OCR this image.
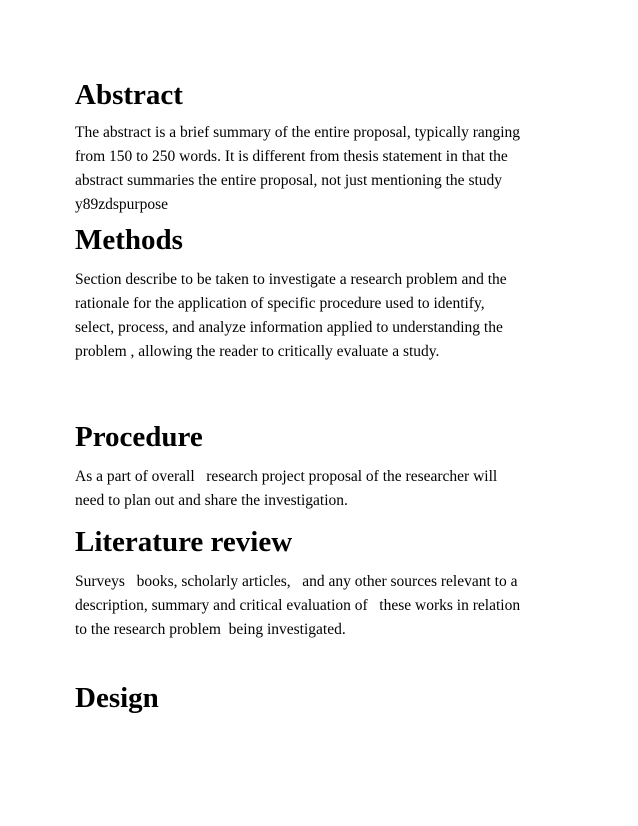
Abstract
The abstract is a brief summary of the entire proposal, typically ranging
from 150 to 250 words. It is different from thesis statement in that the
abstract summaries the entire proposal, not just mentioning the study
y89zdspurpose
Methods
Section describe to be taken to investigate a research problem and the
rationale for the application of specific procedure used to identify,
select, process, and analyze information applied to understanding the
problem , allowing the reader to critically evaluate a study.
Procedure
As a part of overall   research project proposal of the researcher will
need to plan out and share the investigation.
Literature review
Surveys   books, scholarly articles,   and any other sources relevant to a
description, summary and critical evaluation of   these works in relation
to the research problem  being investigated.
Design
